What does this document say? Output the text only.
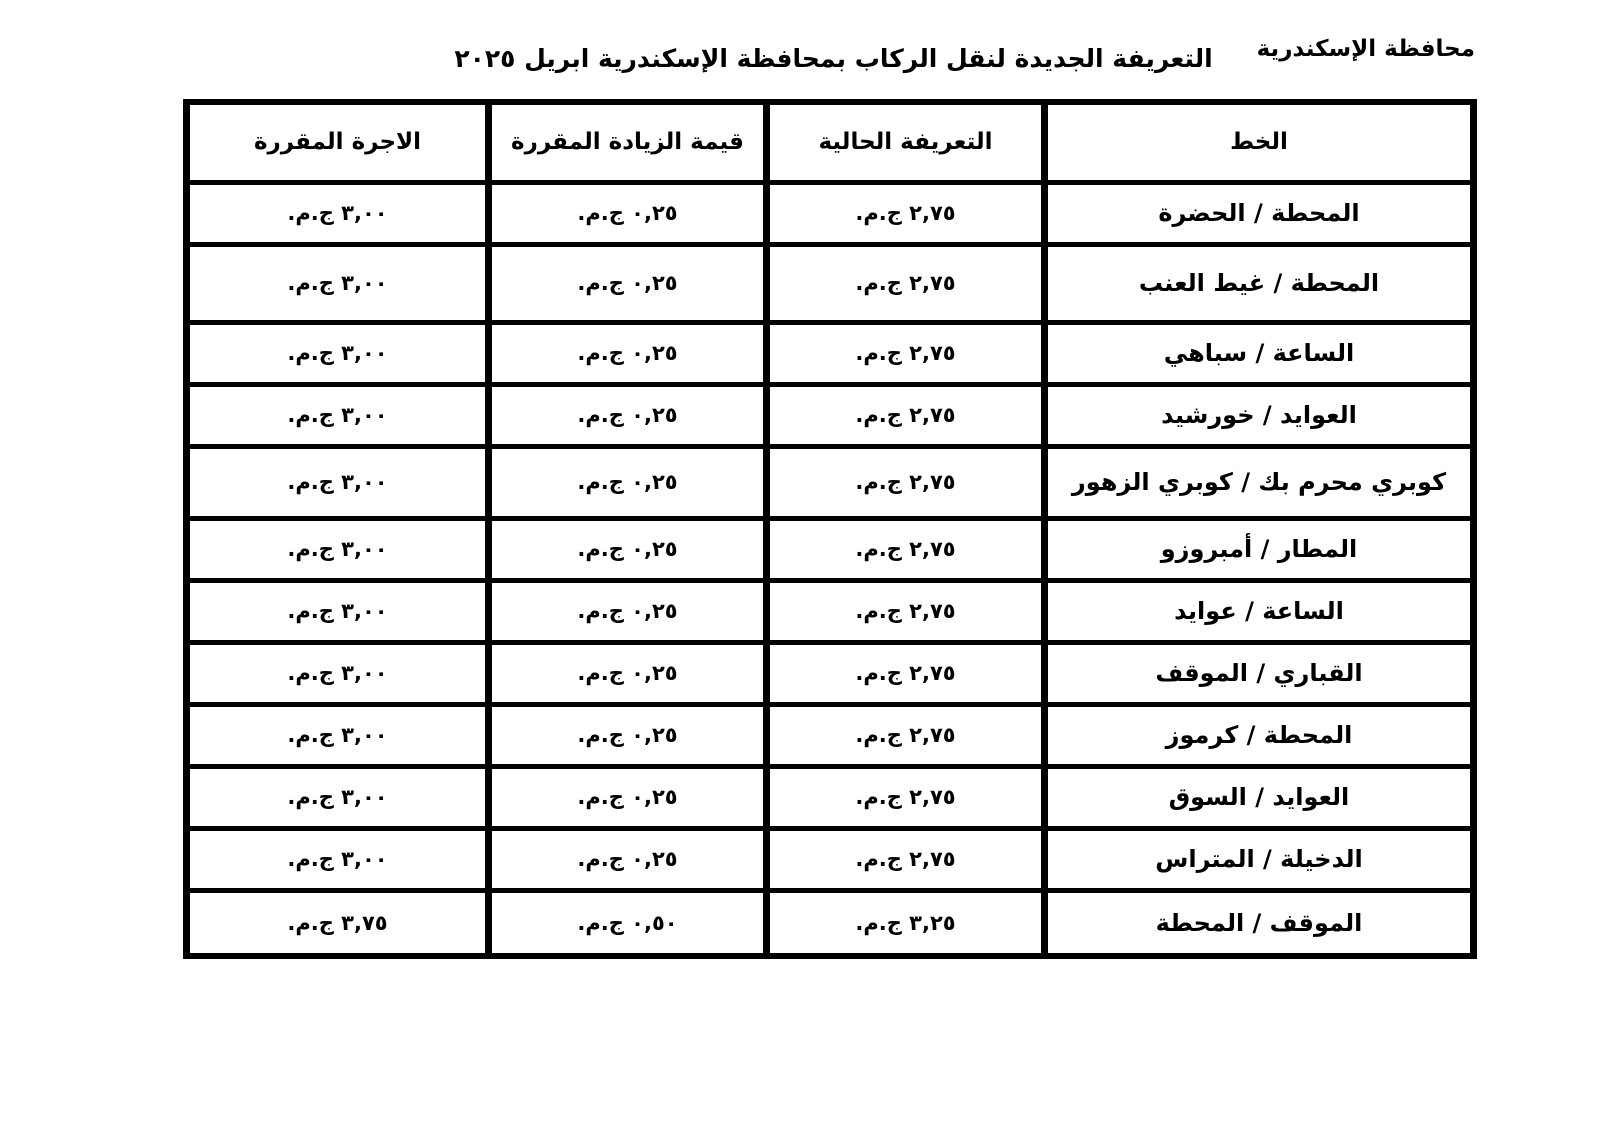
محافظة الإسكندرية
التعريفة الجديدة لنقل الركاب بمحافظة الإسكندرية ابريل ٢٠٢٥
الخط	التعريفة الحالية	قيمة الزيادة المقررة	الاجرة المقررة
المحطة / الحضرة	٢,٧٥ ج.م.	٠,٢٥ ج.م.	٣,٠٠ ج.م.
المحطة / غيط العنب	٢,٧٥ ج.م.	٠,٢٥ ج.م.	٣,٠٠ ج.م.
الساعة / سباهي	٢,٧٥ ج.م.	٠,٢٥ ج.م.	٣,٠٠ ج.م.
العوايد / خورشيد	٢,٧٥ ج.م.	٠,٢٥ ج.م.	٣,٠٠ ج.م.
كوبري محرم بك / كوبري الزهور	٢,٧٥ ج.م.	٠,٢٥ ج.م.	٣,٠٠ ج.م.
المطار / أمبروزو	٢,٧٥ ج.م.	٠,٢٥ ج.م.	٣,٠٠ ج.م.
الساعة / عوايد	٢,٧٥ ج.م.	٠,٢٥ ج.م.	٣,٠٠ ج.م.
القباري / الموقف	٢,٧٥ ج.م.	٠,٢٥ ج.م.	٣,٠٠ ج.م.
المحطة / كرموز	٢,٧٥ ج.م.	٠,٢٥ ج.م.	٣,٠٠ ج.م.
العوايد / السوق	٢,٧٥ ج.م.	٠,٢٥ ج.م.	٣,٠٠ ج.م.
الدخيلة / المتراس	٢,٧٥ ج.م.	٠,٢٥ ج.م.	٣,٠٠ ج.م.
الموقف / المحطة	٣,٢٥ ج.م.	٠,٥٠ ج.م.	٣,٧٥ ج.م.
